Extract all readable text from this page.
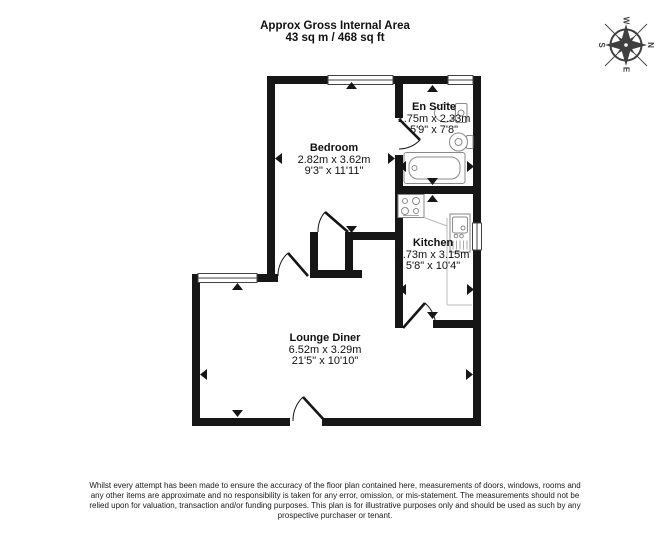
Approx Gross Internal Area
43 sq m / 468 sq ft
N
E
S
W
Bedroom
2.82m x 3.62m
9'3" x 11'11"
En Suite
1.75m x 2.33m
5'9" x 7'8"
Kitchen
1.73m x 3.15m
5'8" x 10'4"
Lounge Diner
6.52m x 3.29m
21'5" x 10'10"
Whilst every attempt has been made to ensure the accuracy of the floor plan contained here, measurements of doors, windows, rooms and
any other items are approximate and no responsibility is taken for any error, omission, or mis-statement. The measurements should not be
relied upon for valuation, transaction and/or funding purposes. This plan is for illustrative purposes only and should be used as such by any
prospective purchaser or tenant.
